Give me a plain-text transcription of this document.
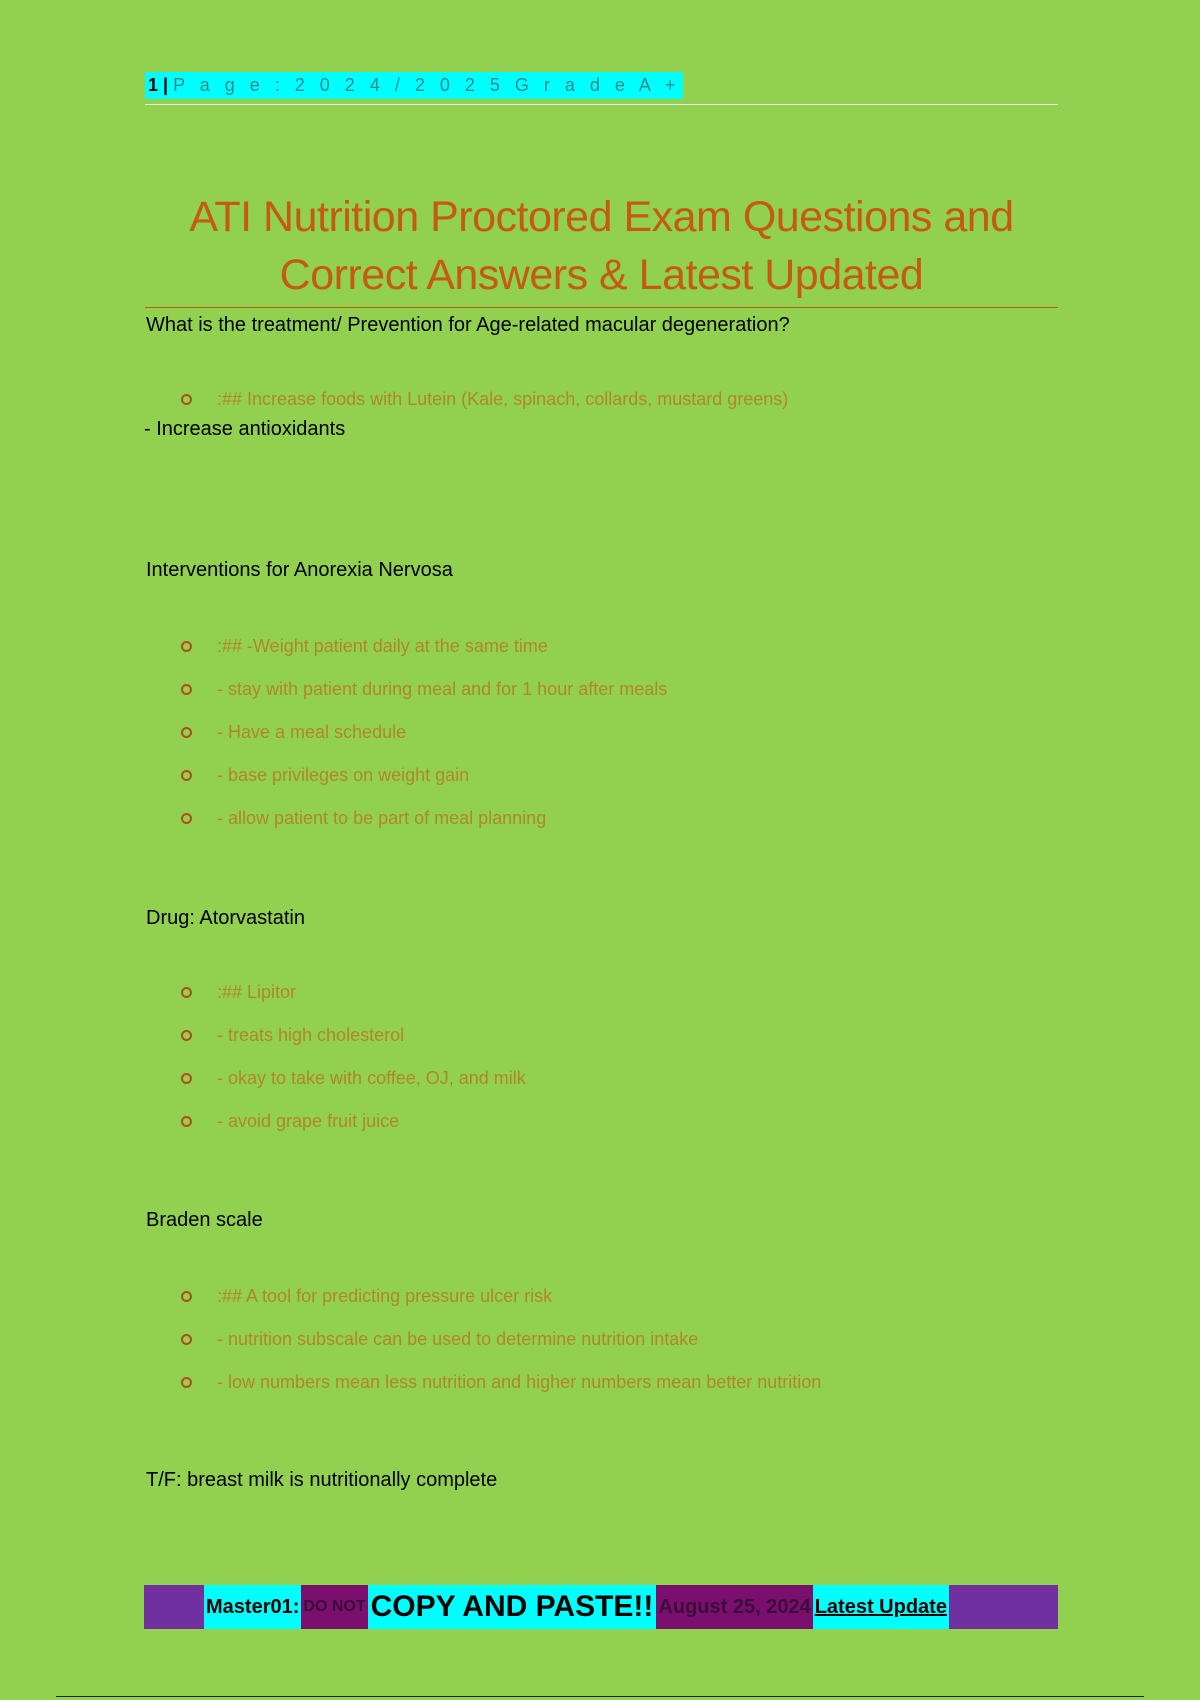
1|P a g e : 2 0 2 4 / 2 0 2 5 G r a d e A +
ATI Nutrition Proctored Exam Questions and
Correct Answers & Latest Updated
What is the treatment/ Prevention for Age-related macular degeneration?
:## Increase foods with Lutein (Kale, spinach, collards, mustard greens)
- Increase antioxidants
Interventions for Anorexia Nervosa
:## -Weight patient daily at the same time
- stay with patient during meal and for 1 hour after meals
- Have a meal schedule
- base privileges on weight gain
- allow patient to be part of meal planning
Drug: Atorvastatin
:## Lipitor
- treats high cholesterol
- okay to take with coffee, OJ, and milk
- avoid grape fruit juice
Braden scale
:## A tool for predicting pressure ulcer risk
- nutrition subscale can be used to determine nutrition intake
- low numbers mean less nutrition and higher numbers mean better nutrition
T/F: breast milk is nutritionally complete
Master01: DO NOT COPY AND PASTE!! August 25, 2024 Latest Update
